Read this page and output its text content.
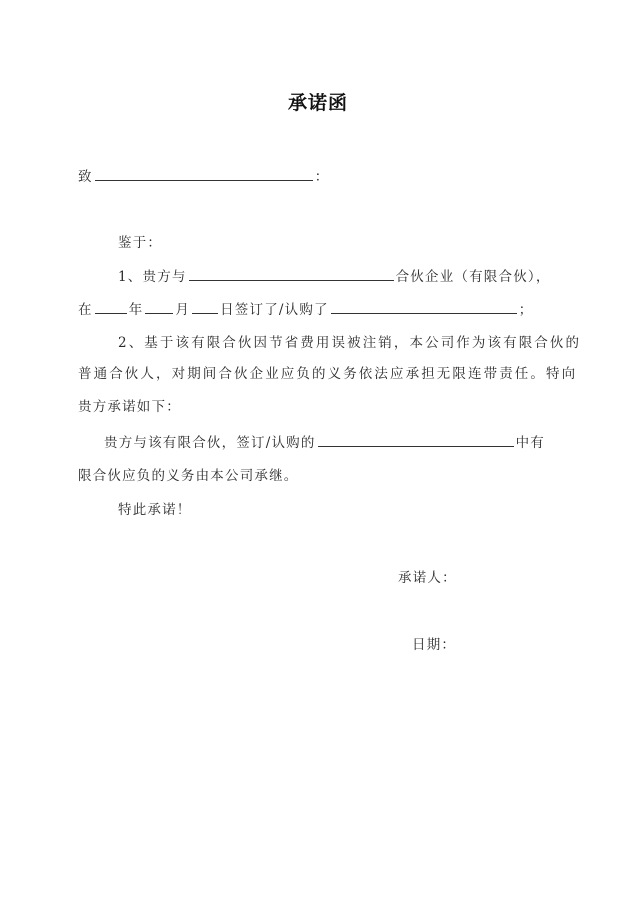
承诺函
致	：
鉴于：
1、贵方与	合伙企业（有限合伙），
在	年 月 日签订了/认购了	；
2、基于该有限合伙因节省费用误被注销，本公司作为该有限合伙的
普通合伙人，对期间合伙企业应负的义务依法应承担无限连带责任。特向
贵方承诺如下：
贵方与该有限合伙，签订/认购的	中有
限合伙应负的义务由本公司承继。
特此承诺！
承诺人：
日期：
